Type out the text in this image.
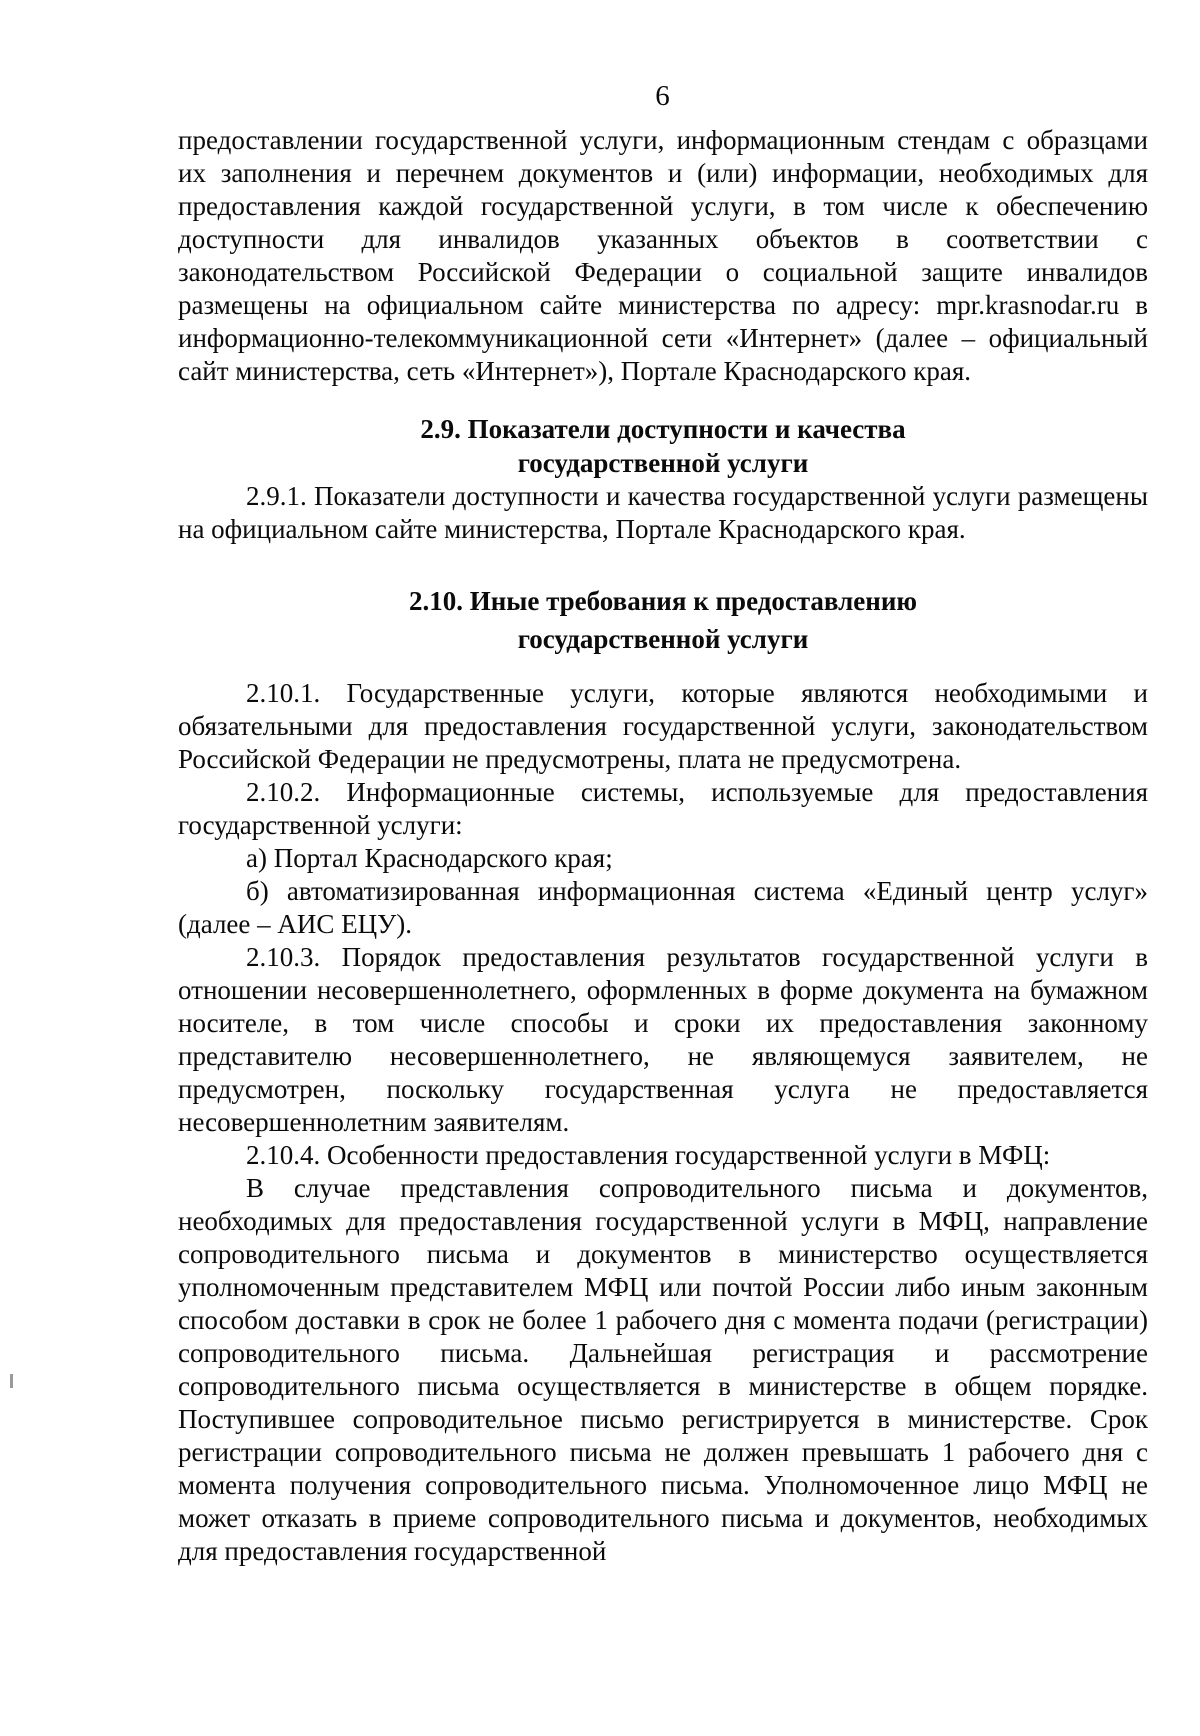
6

предоставлении государственной услуги, информационным стендам с образцами их заполнения и перечнем документов и (или) информации, необходимых для предоставления каждой государственной услуги, в том числе к обеспечению доступности для инвалидов указанных объектов в соответствии с законодательством Российской Федерации о социальной защите инвалидов размещены на официальном сайте министерства по адресу: mpr.krasnodar.ru в информационно-телекоммуникационной сети «Интернет» (далее – официальный сайт министерства, сеть «Интернет»), Портале Краснодарского края.

2.9. Показатели доступности и качества
государственной услуги

2.9.1. Показатели доступности и качества государственной услуги размещены на официальном сайте министерства, Портале Краснодарского края.

2.10. Иные требования к предоставлению
государственной услуги

2.10.1. Государственные услуги, которые являются необходимыми и обязательными для предоставления государственной услуги, законодательством Российской Федерации не предусмотрены, плата не предусмотрена.

2.10.2. Информационные системы, используемые для предоставления государственной услуги:

а) Портал Краснодарского края;

б) автоматизированная информационная система «Единый центр услуг» (далее – АИС ЕЦУ).

2.10.3. Порядок предоставления результатов государственной услуги в отношении несовершеннолетнего, оформленных в форме документа на бумажном носителе, в том числе способы и сроки их предоставления законному представителю несовершеннолетнего, не являющемуся заявителем, не предусмотрен, поскольку государственная услуга не предоставляется несовершеннолетним заявителям.

2.10.4. Особенности предоставления государственной услуги в МФЦ:

В случае представления сопроводительного письма и документов, необходимых для предоставления государственной услуги в МФЦ, направление сопроводительного письма и документов в министерство осуществляется уполномоченным представителем МФЦ или почтой России либо иным законным способом доставки в срок не более 1 рабочего дня с момента подачи (регистрации) сопроводительного письма. Дальнейшая регистрация и рассмотрение сопроводительного письма осуществляется в министерстве в общем порядке. Поступившее сопроводительное письмо регистрируется в министерстве. Срок регистрации сопроводительного письма не должен превышать 1 рабочего дня с момента получения сопроводительного письма. Уполномоченное лицо МФЦ не может отказать в приеме сопроводительного письма и документов, необходимых для предоставления государственной
